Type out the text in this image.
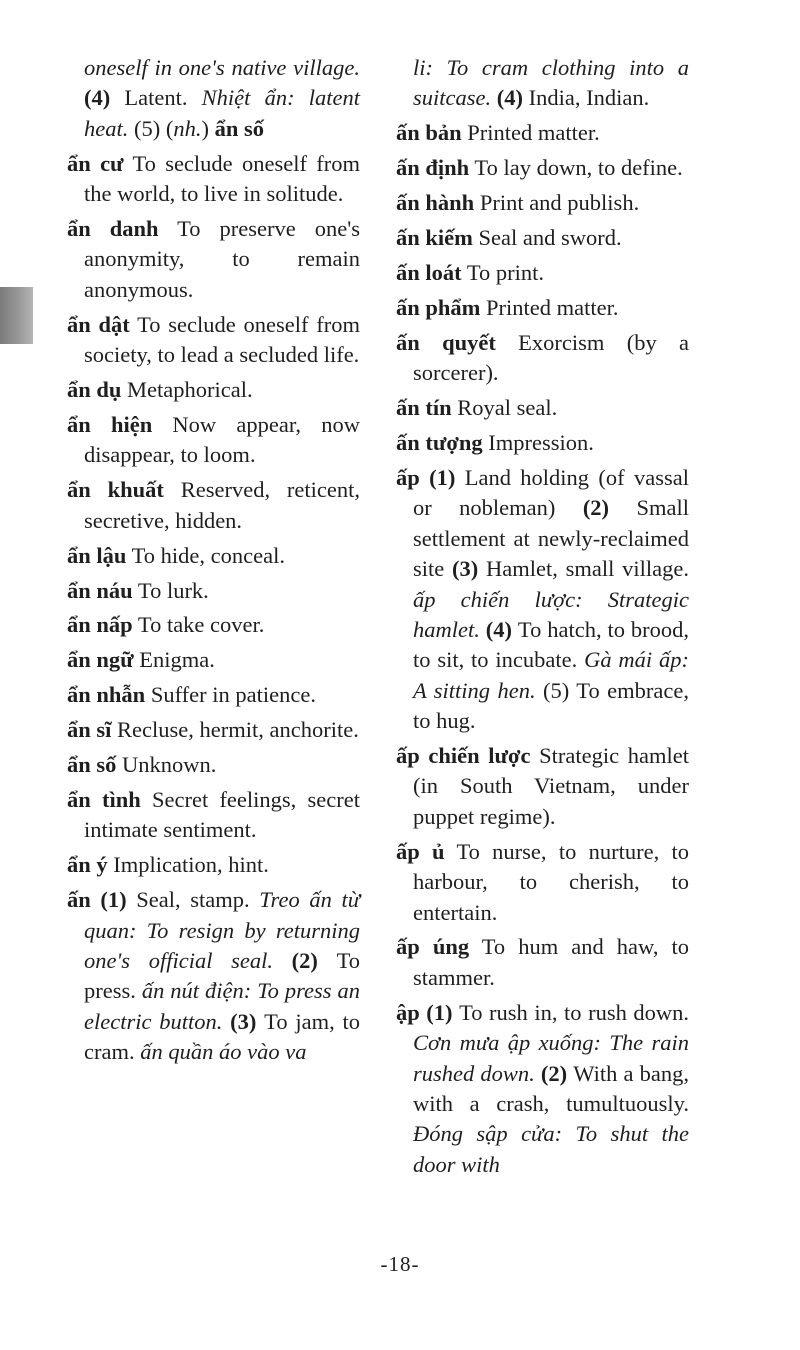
oneself in one's native village. (4) Latent. Nhiệt ẩn: latent heat. (5) (nh.) ẩn số

ẩn cư To seclude oneself from the world, to live in solitude.

ẩn danh To preserve one's anonymity, to remain anonymous.

ẩn dật To seclude oneself from society, to lead a secluded life.

ẩn dụ Metaphorical.

ẩn hiện Now appear, now disappear, to loom.

ẩn khuất Reserved, reticent, secretive, hidden.

ẩn lậu To hide, conceal.

ẩn náu To lurk.

ẩn nấp To take cover.

ẩn ngữ Enigma.

ẩn nhẫn Suffer in patience.

ẩn sĩ Recluse, hermit, anchorite.

ẩn số Unknown.

ẩn tình Secret feelings, secret intimate sentiment.

ẩn ý Implication, hint.

ấn (1) Seal, stamp. Treo ấn từ quan: To resign by returning one's official seal. (2) To press. ấn nút điện: To press an electric button. (3) To jam, to cram. ấn quần áo vào va

li: To cram clothing into a suitcase. (4) India, Indian.

ấn bản Printed matter.

ấn định To lay down, to define.

ấn hành Print and publish.

ấn kiếm Seal and sword.

ấn loát To print.

ấn phẩm Printed matter.

ấn quyết Exorcism (by a sorcerer).

ấn tín Royal seal.

ấn tượng Impression.

ấp (1) Land holding (of vassal or nobleman) (2) Small settlement at newly-reclaimed site (3) Hamlet, small village. ấp chiến lược: Strategic hamlet. (4) To hatch, to brood, to sit, to incubate. Gà mái ấp: A sitting hen. (5) To embrace, to hug.

ấp chiến lược Strategic hamlet (in South Vietnam, under puppet regime).

ấp ủ To nurse, to nurture, to harbour, to cherish, to entertain.

ấp úng To hum and haw, to stammer.

ập (1) To rush in, to rush down. Cơn mưa ập xuống: The rain rushed down. (2) With a bang, with a crash, tumultuously. Đóng sập cửa: To shut the door with

-18-
